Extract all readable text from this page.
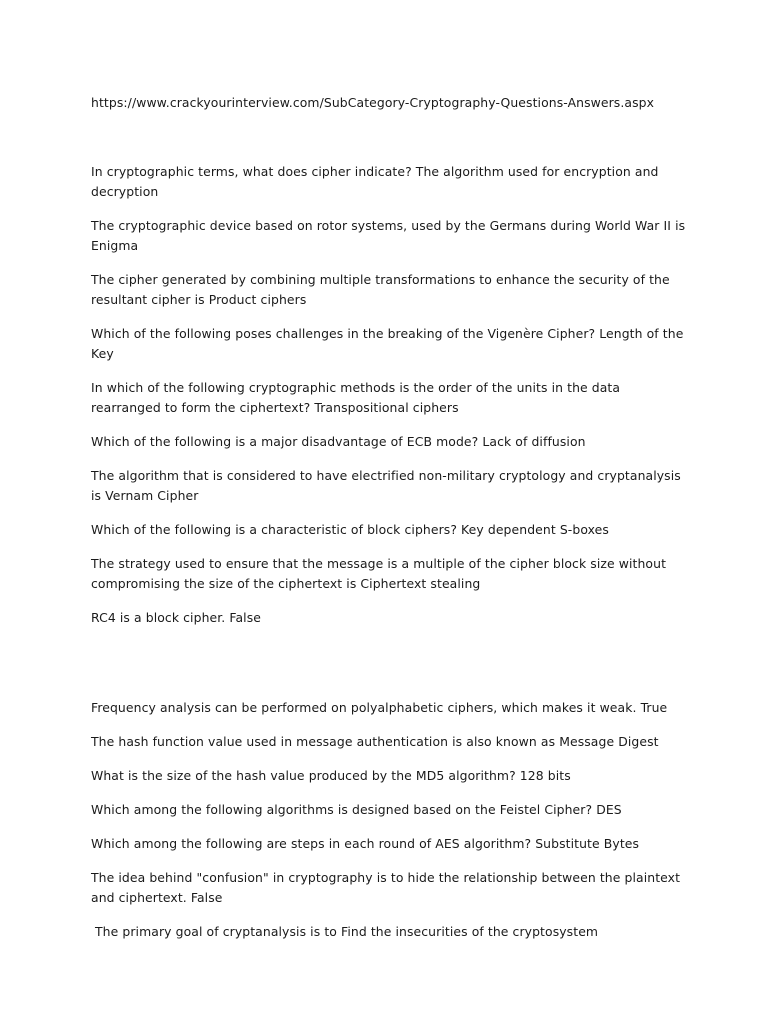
https://www.crackyourinterview.com/SubCategory-Cryptography-Questions-Answers.aspx

In cryptographic terms, what does cipher indicate? The algorithm used for encryption and decryption

The cryptographic device based on rotor systems, used by the Germans during World War II is Enigma

The cipher generated by combining multiple transformations to enhance the security of the resultant cipher is Product ciphers

Which of the following poses challenges in the breaking of the Vigenère Cipher? Length of the Key

In which of the following cryptographic methods is the order of the units in the data rearranged to form the ciphertext? Transpositional ciphers

Which of the following is a major disadvantage of ECB mode? Lack of diffusion

The algorithm that is considered to have electrified non-military cryptology and cryptanalysis is Vernam Cipher

Which of the following is a characteristic of block ciphers? Key dependent S-boxes

The strategy used to ensure that the message is a multiple of the cipher block size without compromising the size of the ciphertext is Ciphertext stealing

RC4 is a block cipher. False

Frequency analysis can be performed on polyalphabetic ciphers, which makes it weak. True

The hash function value used in message authentication is also known as Message Digest

What is the size of the hash value produced by the MD5 algorithm? 128 bits

Which among the following algorithms is designed based on the Feistel Cipher? DES

Which among the following are steps in each round of AES algorithm? Substitute Bytes

The idea behind "confusion" in cryptography is to hide the relationship between the plaintext and ciphertext. False

The primary goal of cryptanalysis is to Find the insecurities of the cryptosystem
